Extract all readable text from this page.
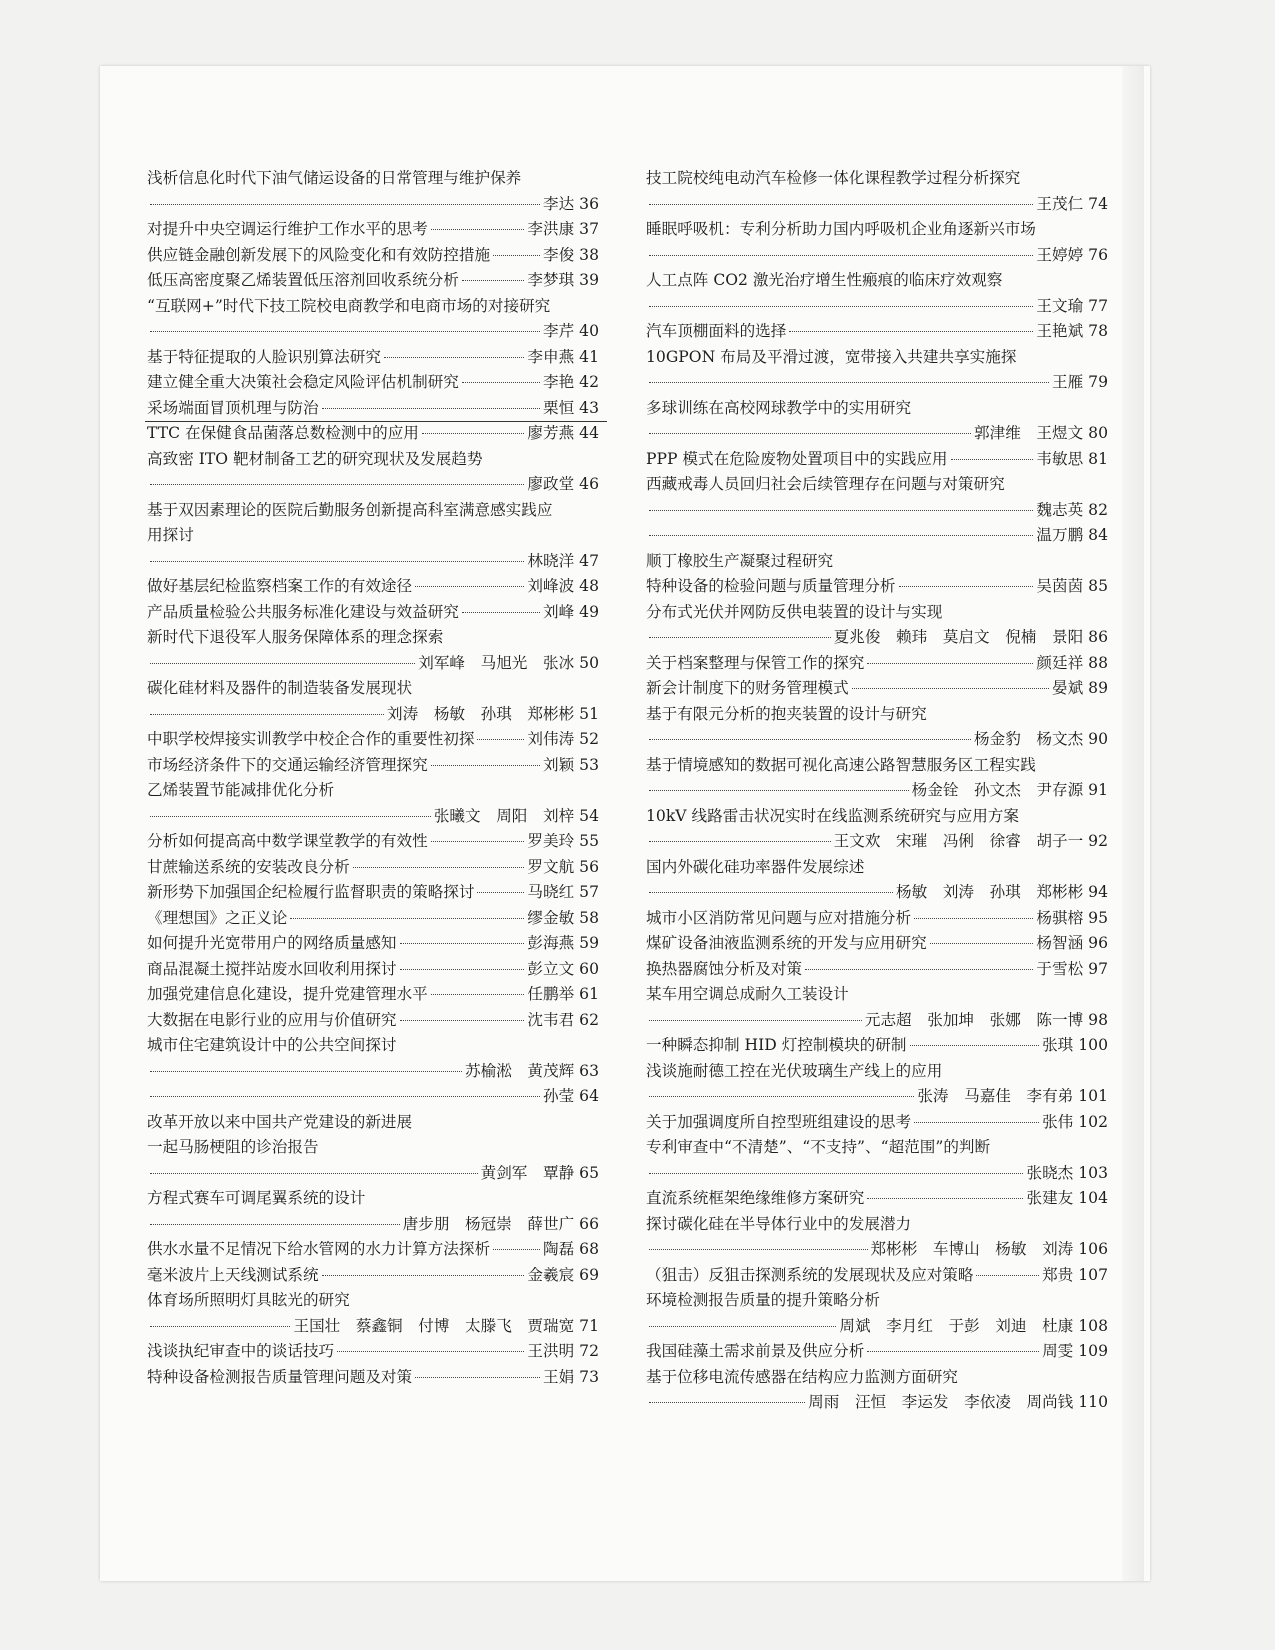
浅析信息化时代下油气储运设备的日常管理与维护保养
李达 36
对提升中央空调运行维护工作水平的思考	李洪康 37
供应链金融创新发展下的风险变化和有效防控措施	李俊 38
低压高密度聚乙烯装置低压溶剂回收系统分析	李梦琪 39
“互联网+”时代下技工院校电商教学和电商市场的对接研究
李芹 40
基于特征提取的人脸识别算法研究	李申燕 41
建立健全重大决策社会稳定风险评估机制研究	李艳 42
采场端面冒顶机理与防治	栗恒 43
TTC 在保健食品菌落总数检测中的应用	廖芳燕 44
高致密 ITO 靶材制备工艺的研究现状及发展趋势
廖政堂 46
基于双因素理论的医院后勤服务创新提高科室满意感实践应
用探讨
林晓洋 47
做好基层纪检监察档案工作的有效途径	刘峰波 48
产品质量检验公共服务标准化建设与效益研究	刘峰 49
新时代下退役军人服务保障体系的理念探索
刘军峰　马旭光　张冰 50
碳化硅材料及器件的制造装备发展现状
刘涛　杨敏　孙琪　郑彬彬 51
中职学校焊接实训教学中校企合作的重要性初探	刘伟涛 52
市场经济条件下的交通运输经济管理探究	刘颖 53
乙烯装置节能减排优化分析
张曦文　周阳　刘梓 54
分析如何提高高中数学课堂教学的有效性	罗美玲 55
甘蔗输送系统的安装改良分析	罗文航 56
新形势下加强国企纪检履行监督职责的策略探讨	马晓红 57
《理想国》之正义论	缪金敏 58
如何提升光宽带用户的网络质量感知	彭海燕 59
商品混凝土搅拌站废水回收利用探讨	彭立文 60
加强党建信息化建设，提升党建管理水平	任鹏举 61
大数据在电影行业的应用与价值研究	沈韦君 62
城市住宅建筑设计中的公共空间探讨
苏榆淞　黄茂辉 63
孙莹 64
改革开放以来中国共产党建设的新进展
一起马肠梗阻的诊治报告
黄剑军　覃静 65
方程式赛车可调尾翼系统的设计
唐步朋　杨冠崇　薛世广 66
供水水量不足情况下给水管网的水力计算方法探析	陶磊 68
毫米波片上天线测试系统	金羲宸 69
体育场所照明灯具眩光的研究
王国壮　蔡鑫铜　付博　太滕飞　贾瑞宽 71
浅谈执纪审查中的谈话技巧	王洪明 72
特种设备检测报告质量管理问题及对策	王娟 73
技工院校纯电动汽车检修一体化课程教学过程分析探究
王茂仁 74
睡眠呼吸机：专利分析助力国内呼吸机企业角逐新兴市场
王婷婷 76
人工点阵 CO2 激光治疗增生性瘢痕的临床疗效观察
王文瑜 77
汽车顶棚面料的选择	王艳斌 78
10GPON 布局及平滑过渡，宽带接入共建共享实施探
王雁 79
多球训练在高校网球教学中的实用研究
郭津维　王煜文 80
PPP 模式在危险废物处置项目中的实践应用	韦敏思 81
西藏戒毒人员回归社会后续管理存在问题与对策研究
魏志英 82
温万鹏 84
顺丁橡胶生产凝聚过程研究
特种设备的检验问题与质量管理分析	吴茵茵 85
分布式光伏并网防反供电装置的设计与实现
夏兆俊　赖玮　莫启文　倪楠　景阳 86
关于档案整理与保管工作的探究	颜廷祥 88
新会计制度下的财务管理模式	晏斌 89
基于有限元分析的抱夹装置的设计与研究
杨金豹　杨文杰 90
基于情境感知的数据可视化高速公路智慧服务区工程实践
杨金铨　孙文杰　尹存源 91
10kV 线路雷击状况实时在线监测系统研究与应用方案
王文欢　宋璀　冯俐　徐睿　胡子一 92
国内外碳化硅功率器件发展综述
杨敏　刘涛　孙琪　郑彬彬 94
城市小区消防常见问题与应对措施分析	杨骐榕 95
煤矿设备油液监测系统的开发与应用研究	杨智涵 96
换热器腐蚀分析及对策	于雪松 97
某车用空调总成耐久工装设计
元志超　张加坤　张娜　陈一博 98
一种瞬态抑制 HID 灯控制模块的研制	张琪 100
浅谈施耐德工控在光伏玻璃生产线上的应用
张涛　马嘉佳　李有弟 101
关于加强调度所自控型班组建设的思考	张伟 102
专利审查中“不清楚”、“不支持”、“超范围”的判断
张晓杰 103
直流系统框架绝缘维修方案研究	张建友 104
探讨碳化硅在半导体行业中的发展潜力
郑彬彬　车博山　杨敏　刘涛 106
（狙击）反狙击探测系统的发展现状及应对策略	郑贵 107
环境检测报告质量的提升策略分析
周斌　李月红　于彭　刘迪　杜康 108
我国硅藻土需求前景及供应分析	周雯 109
基于位移电流传感器在结构应力监测方面研究
周雨　汪恒　李运发　李依凌　周尚钱 110
